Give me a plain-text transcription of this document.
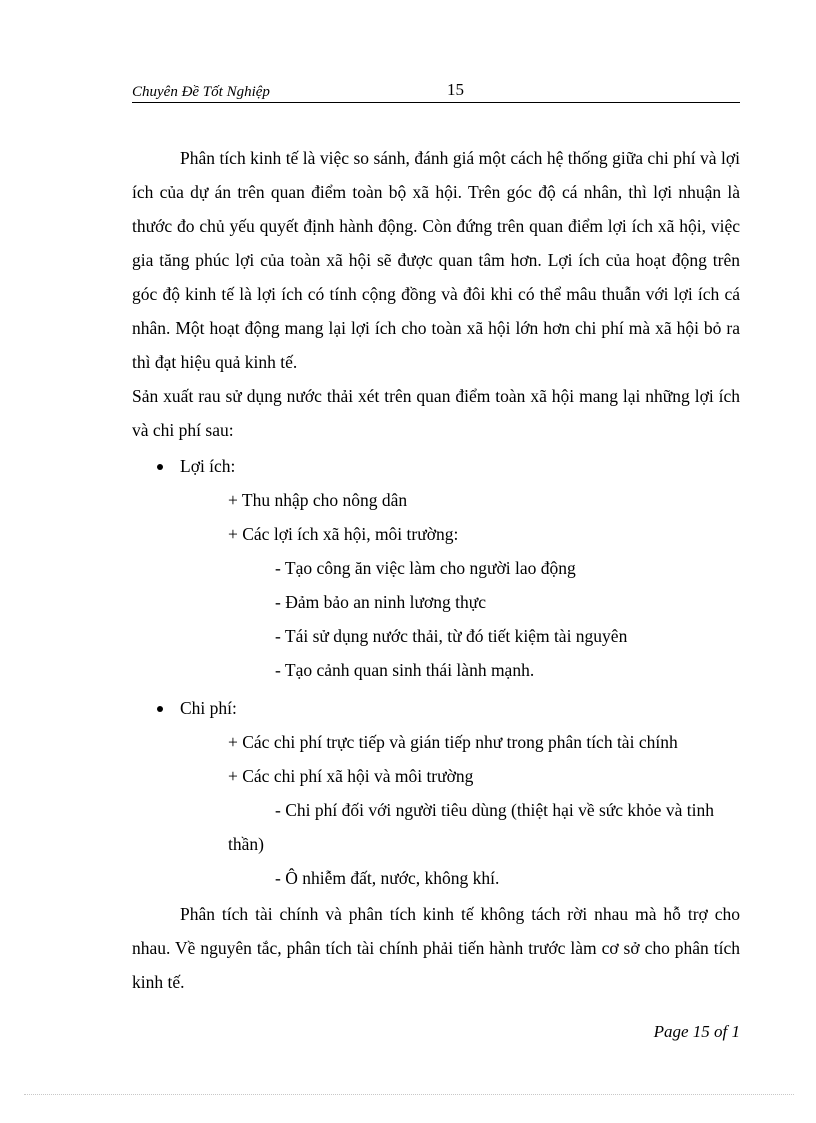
Chuyên Đề Tốt Nghiệp	15

Phân tích kinh tế là việc so sánh, đánh giá một cách hệ thống giữa chi phí và lợi ích của dự án trên quan điểm toàn bộ xã hội. Trên góc độ cá nhân, thì lợi nhuận là thước đo chủ yếu quyết định hành động. Còn đứng trên quan điểm lợi ích xã hội, việc gia tăng phúc lợi của toàn xã hội sẽ được quan tâm hơn. Lợi ích của hoạt động trên góc độ kinh tế là lợi ích có tính cộng đồng và đôi khi có thể mâu thuẫn với lợi ích cá nhân. Một hoạt động mang lại lợi ích cho toàn xã hội lớn hơn chi phí mà xã hội bỏ ra thì đạt hiệu quả kinh tế.

Sản xuất rau sử dụng nước thải xét trên quan điểm toàn xã hội mang lại những lợi ích và chi phí sau:

Lợi ích:
+ Thu nhập cho nông dân
+ Các lợi ích xã hội, môi trường:
- Tạo công ăn việc làm cho người lao động
- Đảm bảo an ninh lương thực
- Tái sử dụng nước thải, từ đó tiết kiệm tài nguyên
- Tạo cảnh quan sinh thái lành mạnh.
Chi phí:
+ Các chi phí trực tiếp và gián tiếp như trong phân tích tài chính
+ Các chi phí xã hội và môi trường
- Chi phí đối với người tiêu dùng (thiệt hại về sức khỏe và tinh
thần)
- Ô nhiễm đất, nước, không khí.

Phân tích tài chính và phân tích kinh tế không tách rời nhau mà hỗ trợ cho nhau. Về nguyên tắc, phân tích tài chính phải tiến hành trước làm cơ sở cho phân tích kinh tế.

Page 15 of 1
